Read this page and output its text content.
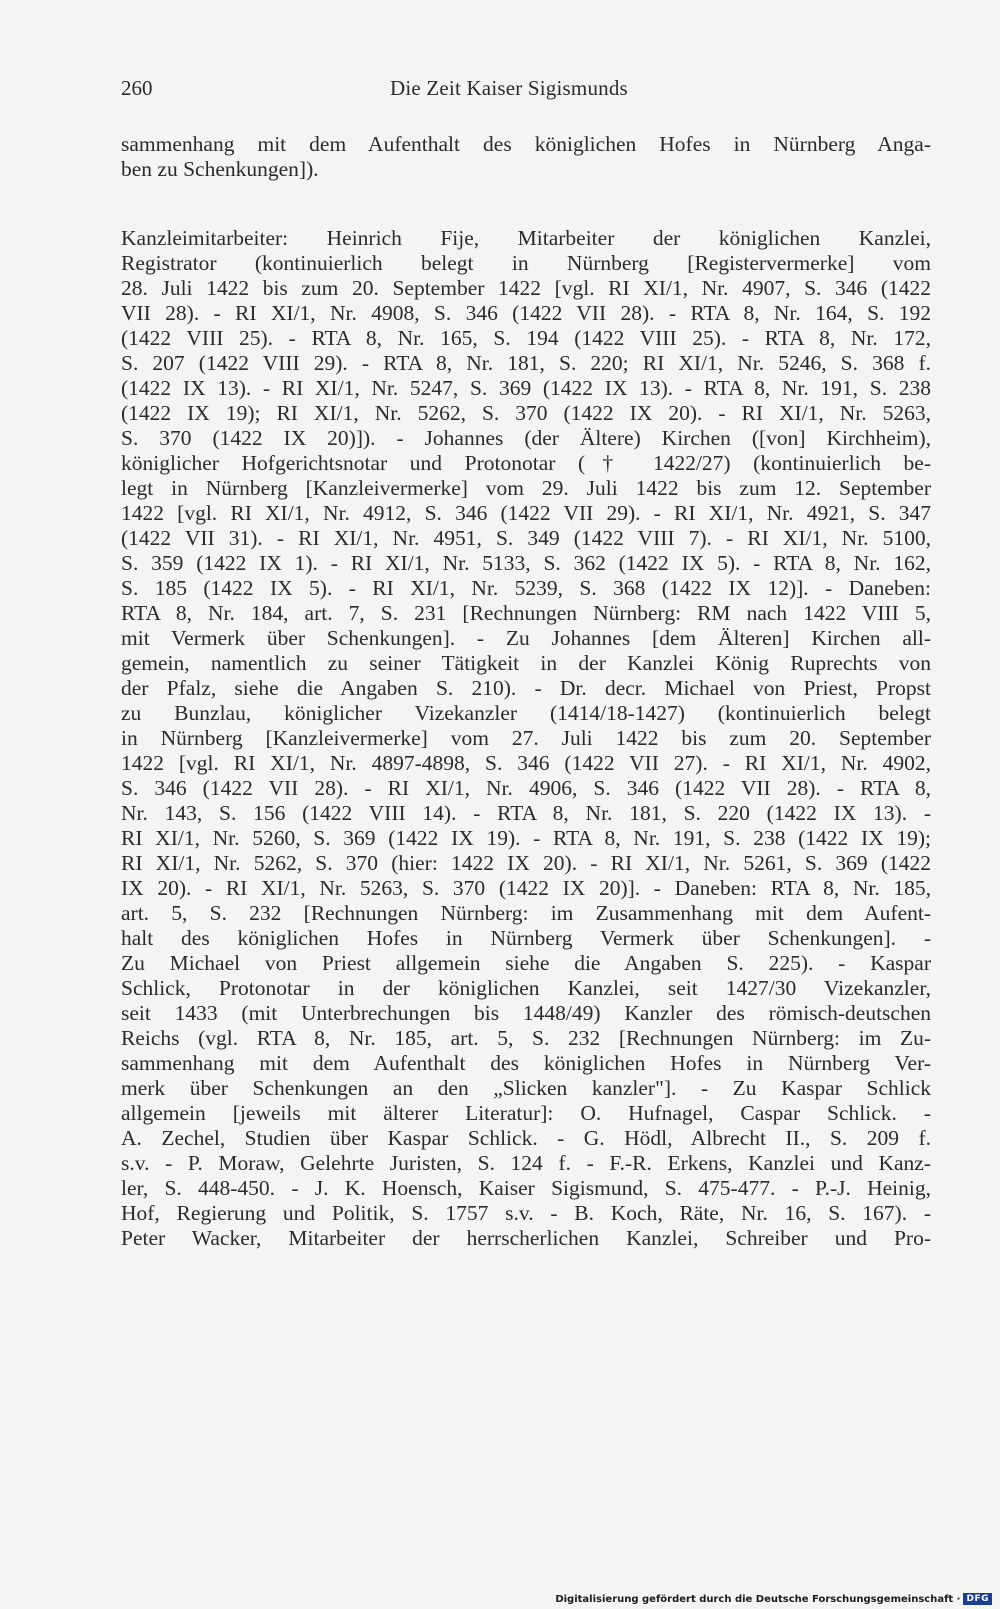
260	Die Zeit Kaiser Sigismunds
sammenhang mit dem Aufenthalt des königlichen Hofes in Nürnberg Anga-
ben zu Schenkungen]).
Kanzleimitarbeiter: Heinrich Fije, Mitarbeiter der königlichen Kanzlei,
Registrator (kontinuierlich belegt in Nürnberg [Registervermerke] vom
28. Juli 1422 bis zum 20. September 1422 [vgl. RI XI/1, Nr. 4907, S. 346 (1422
VII 28). - RI XI/1, Nr. 4908, S. 346 (1422 VII 28). - RTA 8, Nr. 164, S. 192
(1422 VIII 25). - RTA 8, Nr. 165, S. 194 (1422 VIII 25). - RTA 8, Nr. 172,
S. 207 (1422 VIII 29). - RTA 8, Nr. 181, S. 220; RI XI/1, Nr. 5246, S. 368 f.
(1422 IX 13). - RI XI/1, Nr. 5247, S. 369 (1422 IX 13). - RTA 8, Nr. 191, S. 238
(1422 IX 19); RI XI/1, Nr. 5262, S. 370 (1422 IX 20). - RI XI/1, Nr. 5263,
S. 370 (1422 IX 20)]). - Johannes (der Ältere) Kirchen ([von] Kirchheim),
königlicher Hofgerichtsnotar und Protonotar († 1422/27) (kontinuierlich be-
legt in Nürnberg [Kanzleivermerke] vom 29. Juli 1422 bis zum 12. September
1422 [vgl. RI XI/1, Nr. 4912, S. 346 (1422 VII 29). - RI XI/1, Nr. 4921, S. 347
(1422 VII 31). - RI XI/1, Nr. 4951, S. 349 (1422 VIII 7). - RI XI/1, Nr. 5100,
S. 359 (1422 IX 1). - RI XI/1, Nr. 5133, S. 362 (1422 IX 5). - RTA 8, Nr. 162,
S. 185 (1422 IX 5). - RI XI/1, Nr. 5239, S. 368 (1422 IX 12)]. - Daneben:
RTA 8, Nr. 184, art. 7, S. 231 [Rechnungen Nürnberg: RM nach 1422 VIII 5,
mit Vermerk über Schenkungen]. - Zu Johannes [dem Älteren] Kirchen all-
gemein, namentlich zu seiner Tätigkeit in der Kanzlei König Ruprechts von
der Pfalz, siehe die Angaben S. 210). - Dr. decr. Michael von Priest, Propst
zu Bunzlau, königlicher Vizekanzler (1414/18-1427) (kontinuierlich belegt
in Nürnberg [Kanzleivermerke] vom 27. Juli 1422 bis zum 20. September
1422 [vgl. RI XI/1, Nr. 4897-4898, S. 346 (1422 VII 27). - RI XI/1, Nr. 4902,
S. 346 (1422 VII 28). - RI XI/1, Nr. 4906, S. 346 (1422 VII 28). - RTA 8,
Nr. 143, S. 156 (1422 VIII 14). - RTA 8, Nr. 181, S. 220 (1422 IX 13). -
RI XI/1, Nr. 5260, S. 369 (1422 IX 19). - RTA 8, Nr. 191, S. 238 (1422 IX 19);
RI XI/1, Nr. 5262, S. 370 (hier: 1422 IX 20). - RI XI/1, Nr. 5261, S. 369 (1422
IX 20). - RI XI/1, Nr. 5263, S. 370 (1422 IX 20)]. - Daneben: RTA 8, Nr. 185,
art. 5, S. 232 [Rechnungen Nürnberg: im Zusammenhang mit dem Aufent-
halt des königlichen Hofes in Nürnberg Vermerk über Schenkungen]. -
Zu Michael von Priest allgemein siehe die Angaben S. 225). - Kaspar
Schlick, Protonotar in der königlichen Kanzlei, seit 1427/30 Vizekanzler,
seit 1433 (mit Unterbrechungen bis 1448/49) Kanzler des römisch-deutschen
Reichs (vgl. RTA 8, Nr. 185, art. 5, S. 232 [Rechnungen Nürnberg: im Zu-
sammenhang mit dem Aufenthalt des königlichen Hofes in Nürnberg Ver-
merk über Schenkungen an den „Slicken kanzler"]. - Zu Kaspar Schlick
allgemein [jeweils mit älterer Literatur]: O. Hufnagel, Caspar Schlick. -
A. Zechel, Studien über Kaspar Schlick. - G. Hödl, Albrecht II., S. 209 f.
s.v. - P. Moraw, Gelehrte Juristen, S. 124 f. - F.-R. Erkens, Kanzlei und Kanz-
ler, S. 448-450. - J. K. Hoensch, Kaiser Sigismund, S. 475-477. - P.-J. Heinig,
Hof, Regierung und Politik, S. 1757 s.v. - B. Koch, Räte, Nr. 16, S. 167). -
Peter Wacker, Mitarbeiter der herrscherlichen Kanzlei, Schreiber und Pro-
Digitalisierung gefördert durch die Deutsche Forschungsgemeinschaft · DFG
